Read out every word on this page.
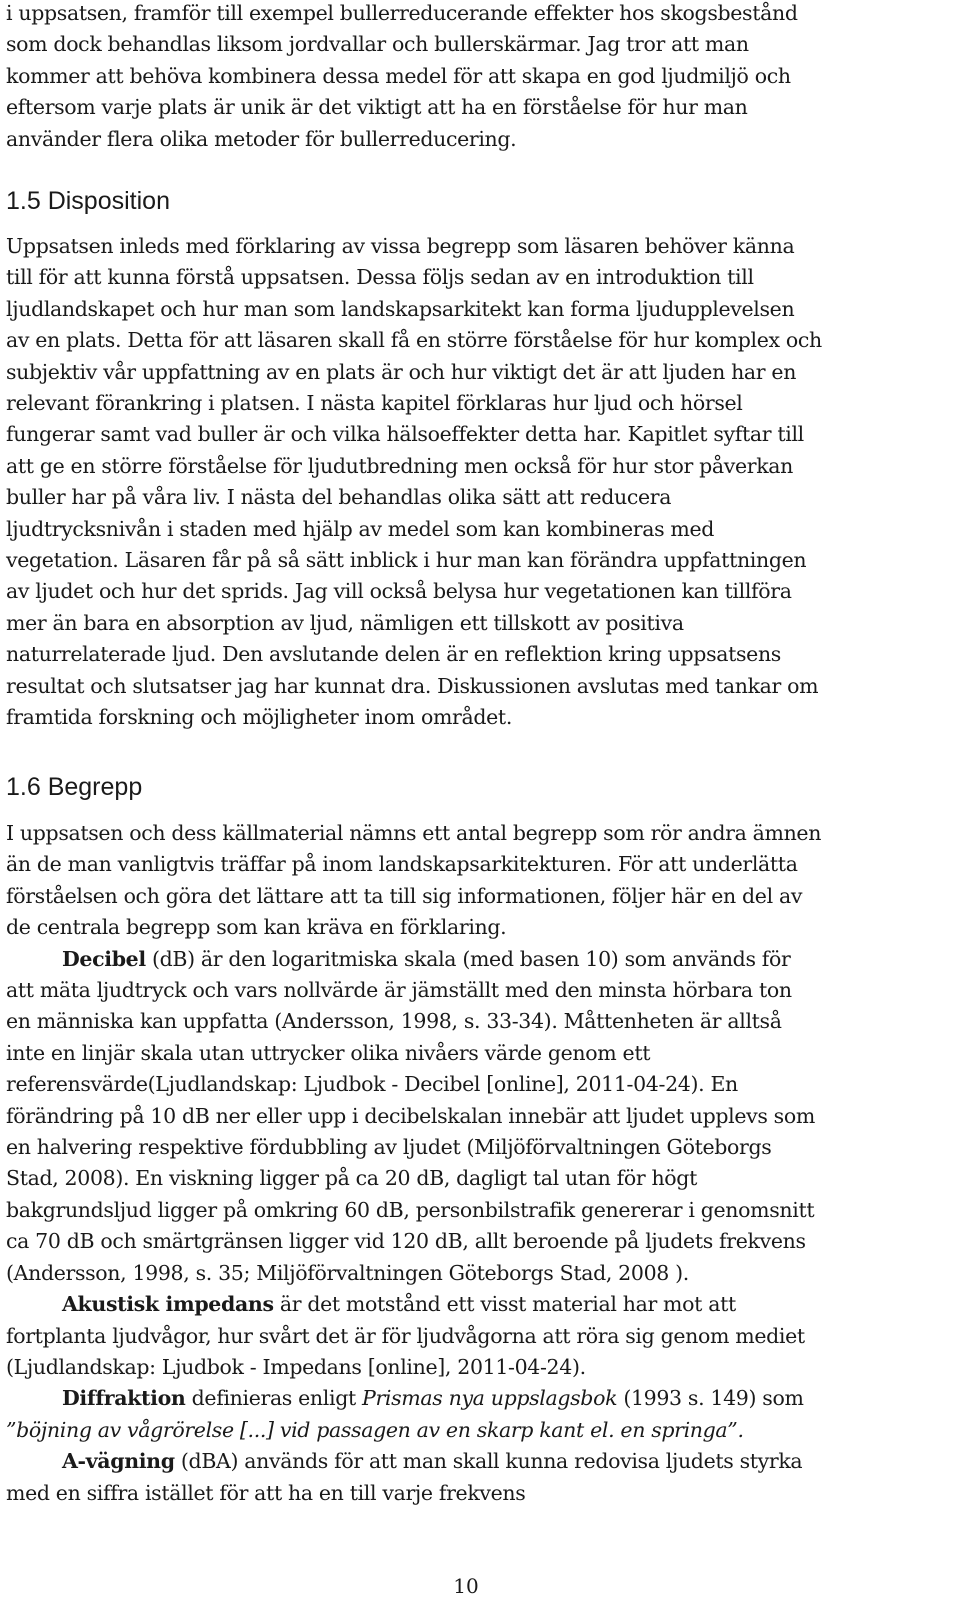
i uppsatsen, framför till exempel bullerreducerande effekter hos skogsbestånd

som dock behandlas liksom jordvallar och bullerskärmar. Jag tror att man

kommer att behöva kombinera dessa medel för att skapa en god ljudmiljö och

eftersom varje plats är unik är det viktigt att ha en förståelse för hur man

använder flera olika metoder för bullerreducering.

1.5 Disposition

Uppsatsen inleds med förklaring av vissa begrepp som läsaren behöver känna

till för att kunna förstå uppsatsen. Dessa följs sedan av en introduktion till

ljudlandskapet och hur man som landskapsarkitekt kan forma ljudupplevelsen

av en plats. Detta för att läsaren skall få en större förståelse för hur komplex och

subjektiv vår uppfattning av en plats är och hur viktigt det är att ljuden har en

relevant förankring i platsen. I nästa kapitel förklaras hur ljud och hörsel

fungerar samt vad buller är och vilka hälsoeffekter detta har. Kapitlet syftar till

att ge en större förståelse för ljudutbredning men också för hur stor påverkan

buller har på våra liv. I nästa del behandlas olika sätt att reducera

ljudtrycksnivån i staden med hjälp av medel som kan kombineras med

vegetation. Läsaren får på så sätt inblick i hur man kan förändra uppfattningen

av ljudet och hur det sprids. Jag vill också belysa hur vegetationen kan tillföra

mer än bara en absorption av ljud, nämligen ett tillskott av positiva

naturrelaterade ljud. Den avslutande delen är en reflektion kring uppsatsens

resultat och slutsatser jag har kunnat dra. Diskussionen avslutas med tankar om

framtida forskning och möjligheter inom området.

1.6 Begrepp

I uppsatsen och dess källmaterial nämns ett antal begrepp som rör andra ämnen

än de man vanligtvis träffar på inom landskapsarkitekturen. För att underlätta

förståelsen och göra det lättare att ta till sig informationen, följer här en del av

de centrala begrepp som kan kräva en förklaring.

Decibel (dB) är den logaritmiska skala (med basen 10) som används för

att mäta ljudtryck och vars nollvärde är jämställt med den minsta hörbara ton

en människa kan uppfatta (Andersson, 1998, s. 33-34). Måttenheten är alltså

inte en linjär skala utan uttrycker olika nivåers värde genom ett

referensvärde(Ljudlandskap: Ljudbok - Decibel [online], 2011-04-24). En

förändring på 10 dB ner eller upp i decibelskalan innebär att ljudet upplevs som

en halvering respektive fördubbling av ljudet (Miljöförvaltningen Göteborgs

Stad, 2008). En viskning ligger på ca 20 dB, dagligt tal utan för högt

bakgrundsljud ligger på omkring 60 dB, personbilstrafik genererar i genomsnitt

ca 70 dB och smärtgränsen ligger vid 120 dB, allt beroende på ljudets frekvens

(Andersson, 1998, s. 35; Miljöförvaltningen Göteborgs Stad, 2008 ).

Akustisk impedans är det motstånd ett visst material har mot att

fortplanta ljudvågor, hur svårt det är för ljudvågorna att röra sig genom mediet

(Ljudlandskap: Ljudbok - Impedans [online], 2011-04-24).

Diffraktion definieras enligt Prismas nya uppslagsbok (1993 s. 149) som

”böjning av vågrörelse [...] vid passagen av en skarp kant el. en springa”.

A-vägning (dBA) används för att man skall kunna redovisa ljudets styrka

med en siffra istället för att ha en till varje frekvens

10
